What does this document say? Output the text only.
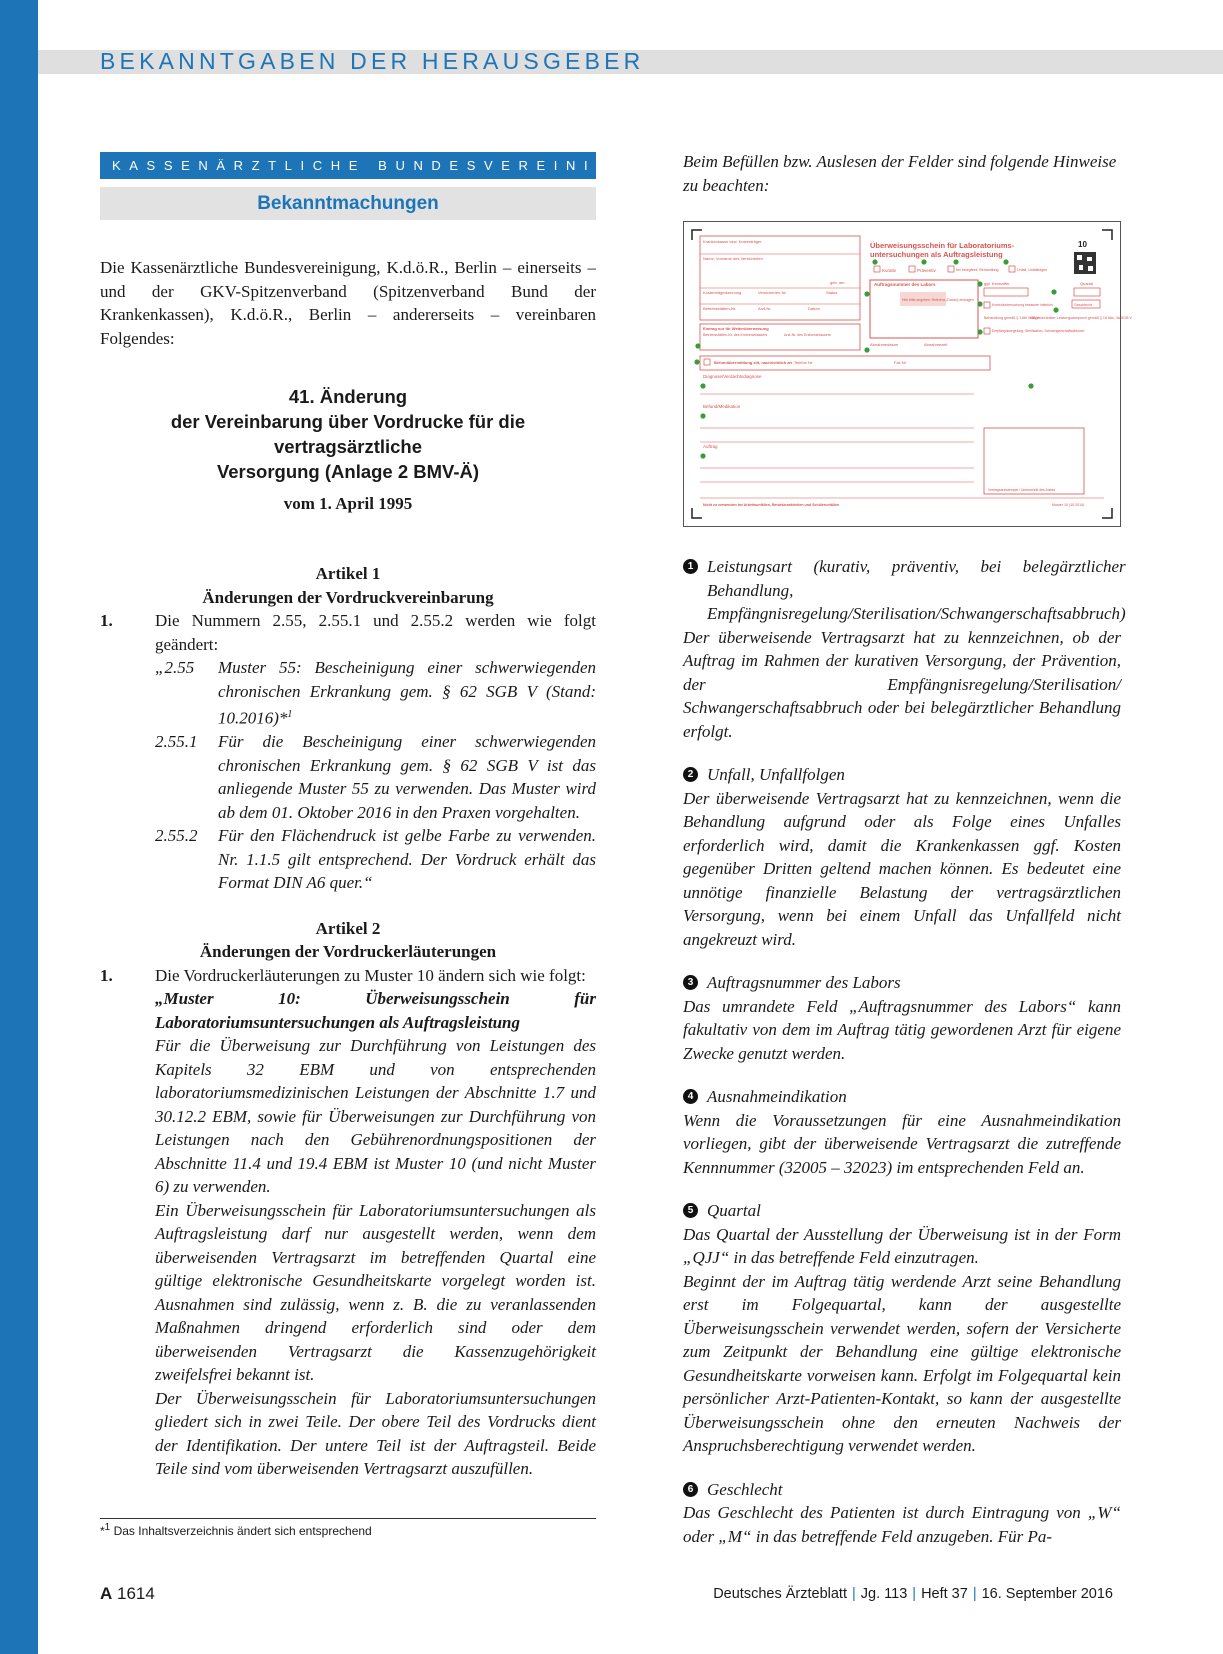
BEKANNTGABEN DER HERAUSGEBER
KASSENÄRZTLICHE BUNDESVEREINIGUNG
Bekanntmachungen
Die Kassenärztliche Bundesvereinigung, K.d.ö.R., Berlin – einerseits – und der GKV-Spitzenverband (Spitzenverband Bund der Krankenkassen), K.d.ö.R., Berlin – andererseits – vereinbaren Folgendes:
41. Änderung
der Vereinbarung über Vordrucke für die vertragsärztliche
Versorgung (Anlage 2 BMV-Ä)
vom 1. April 1995
Artikel 1
Änderungen der Vordruckvereinbarung
1.	Die Nummern 2.55, 2.55.1 und 2.55.2 werden wie folgt geändert:
„2.55	Muster 55: Bescheinigung einer schwerwiegenden chronischen Erkrankung gem. § 62 SGB V (Stand: 10.2016)*$^1$
2.55.1	Für die Bescheinigung einer schwerwiegenden chronischen Erkrankung gem. § 62 SGB V ist das anliegende Muster 55 zu verwenden. Das Muster wird ab dem 01. Oktober 2016 in den Praxen vorgehalten.
2.55.2	Für den Flächendruck ist gelbe Farbe zu verwenden. Nr. 1.1.5 gilt entsprechend. Der Vordruck erhält das Format DIN A6 quer.“
Artikel 2
Änderungen der Vordruckerläuterungen
1.	Die Vordruckerläuterungen zu Muster 10 ändern sich wie folgt:

„Muster 10: Überweisungsschein für Laboratoriumsuntersuchungen als Auftragsleistung

Für die Überweisung zur Durchführung von Leistungen des Kapitels 32 EBM und von entsprechenden laboratoriumsmedizinischen Leistungen der Abschnitte 1.7 und 30.12.2 EBM, sowie für Überweisungen zur Durchführung von Leistungen nach den Gebührenordnungspositionen der Abschnitte 11.4 und 19.4 EBM ist Muster 10 (und nicht Muster 6) zu verwenden.

Ein Überweisungsschein für Laboratoriumsuntersuchungen als Auftragsleistung darf nur ausgestellt werden, wenn dem überweisenden Vertragsarzt im betreffenden Quartal eine gültige elektronische Gesundheitskarte vorgelegt worden ist. Ausnahmen sind zulässig, wenn z. B. die zu veranlassenden Maßnahmen dringend erforderlich sind oder dem überweisenden Vertragsarzt die Kassenzugehörigkeit zweifelsfrei bekannt ist.

Der Überweisungsschein für Laboratoriumsuntersuchungen gliedert sich in zwei Teile. Der obere Teil des Vordrucks dient der Identifikation. Der untere Teil ist der Auftragsteil. Beide Teile sind vom überweisenden Vertragsarzt auszufüllen.

*$^1$ Das Inhaltsverzeichnis ändert sich entsprechend
Beim Befüllen bzw. Auslesen der Felder sind folgende Hinweise zu beachten:
Krankenkasse bzw. Kostenträger
Name, Vorname des Versicherten
geb. am
Kostenträgerkennung	Versicherten-Nr.	Status
Betriebsstätten-Nr.	Arzt-Nr.	Datum
Überweisungsschein für Laboratoriums-
untersuchungen als Auftragsleistung
10
Kurativ	Präventiv	bei belegärztl. Behandlung	Unfall, Unfallfolgen
Auftragsnummer des Labors
Hier bitte angeben: Referenz (Datum) eintragen
ggf. Kennziffer	Quartal
Geschlecht
Kontrolluntersuchung bekannte Infektion
Behandlung gemäß § 116b SGB V
eingeschränkter Leistungsanspruch gemäß § 16 Abs. 3a SGB V
Empfängnisregelung, Sterilisation, Schwangerschaftsabbruch
Eintrag nur für Weiterüberweisung
Betriebsstätten-Nr. des Erstveranlassers	Arzt-Nr. des Erstveranlassers
Abnahmedatum	Abnahmezeit
Befundübermittlung eilt, nachrichtlich an Telefon Nr.	Fax Nr.
Diagnose/Verdachtsdiagnose
Befund/Medikation
Auftrag
Vertragsarztstempel / Unterschrift des Arztes
Nicht zu verwenden bei Arbeitsunfällen, Berufskrankheiten und Schülerunfällen	Muster 10 (10.2014)
1 Leistungsart (kurativ, präventiv, bei belegärztlicher Behandlung, Empfängnisregelung/Sterilisation/Schwangerschaftsabbruch)

Der überweisende Vertragsarzt hat zu kennzeichnen, ob der Auftrag im Rahmen der kurativen Versorgung, der Prävention, der Empfängnisregelung/Sterilisation/ Schwangerschaftsabbruch oder bei belegärztlicher Behandlung erfolgt.

2 Unfall, Unfallfolgen

Der überweisende Vertragsarzt hat zu kennzeichnen, wenn die Behandlung aufgrund oder als Folge eines Unfalles erforderlich wird, damit die Krankenkassen ggf. Kosten gegenüber Dritten geltend machen können. Es bedeutet eine unnötige finanzielle Belastung der vertragsärztlichen Versorgung, wenn bei einem Unfall das Unfallfeld nicht angekreuzt wird.

3 Auftragsnummer des Labors

Das umrandete Feld „Auftragsnummer des Labors“ kann fakultativ von dem im Auftrag tätig gewordenen Arzt für eigene Zwecke genutzt werden.

4 Ausnahmeindikation

Wenn die Voraussetzungen für eine Ausnahmeindikation vorliegen, gibt der überweisende Vertragsarzt die zutreffende Kennnummer (32005 – 32023) im entsprechenden Feld an.

5 Quartal

Das Quartal der Ausstellung der Überweisung ist in der Form „QJJ“ in das betreffende Feld einzutragen.

Beginnt der im Auftrag tätig werdende Arzt seine Behandlung erst im Folgequartal, kann der ausgestellte Überweisungsschein verwendet werden, sofern der Versicherte zum Zeitpunkt der Behandlung eine gültige elektronische Gesundheitskarte vorweisen kann. Erfolgt im Folgequartal kein persönlicher Arzt-Patienten-Kontakt, so kann der ausgestellte Überweisungsschein ohne den erneuten Nachweis der Anspruchsberechtigung verwendet werden.

6 Geschlecht

Das Geschlecht des Patienten ist durch Eintragung von „W“ oder „M“ in das betreffende Feld anzugeben. Für Pa-

A 1614	Deutsches Ärzteblatt | Jg. 113 | Heft 37 | 16. September 2016
